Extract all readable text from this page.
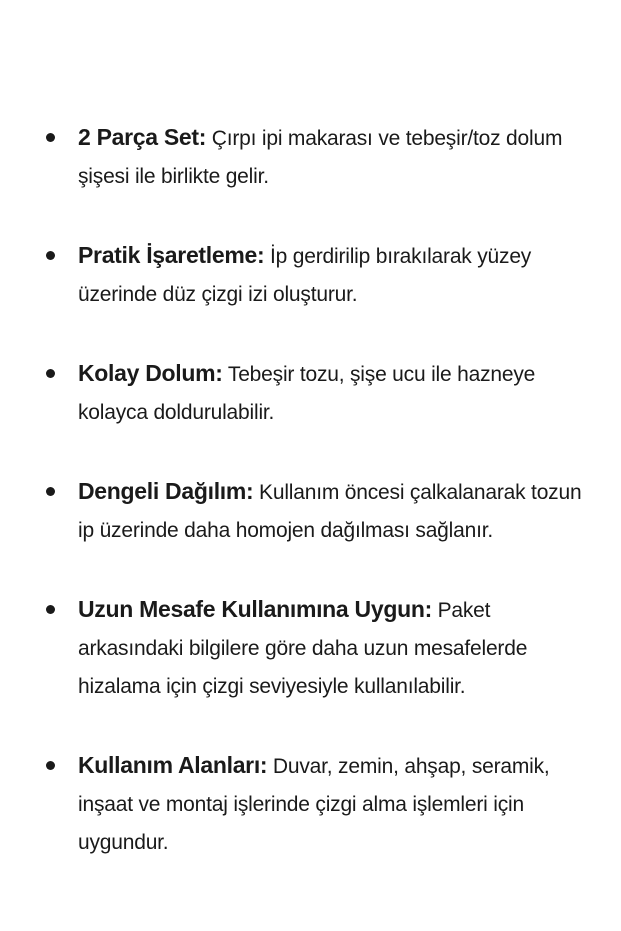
2 Parça Set: Çırpı ipi makarası ve tebeşir/toz dolum şişesi ile birlikte gelir.
Pratik İşaretleme: İp gerdirilip bırakılarak yüzey üzerinde düz çizgi izi oluşturur.
Kolay Dolum: Tebeşir tozu, şişe ucu ile hazneye kolayca doldurulabilir.
Dengeli Dağılım: Kullanım öncesi çalkalanarak tozun ip üzerinde daha homojen dağılması sağlanır.
Uzun Mesafe Kullanımına Uygun: Paket arkasındaki bilgilere göre daha uzun mesafelerde hizalama için çizgi seviyesiyle kullanılabilir.
Kullanım Alanları: Duvar, zemin, ahşap, seramik, inşaat ve montaj işlerinde çizgi alma işlemleri için uygundur.
